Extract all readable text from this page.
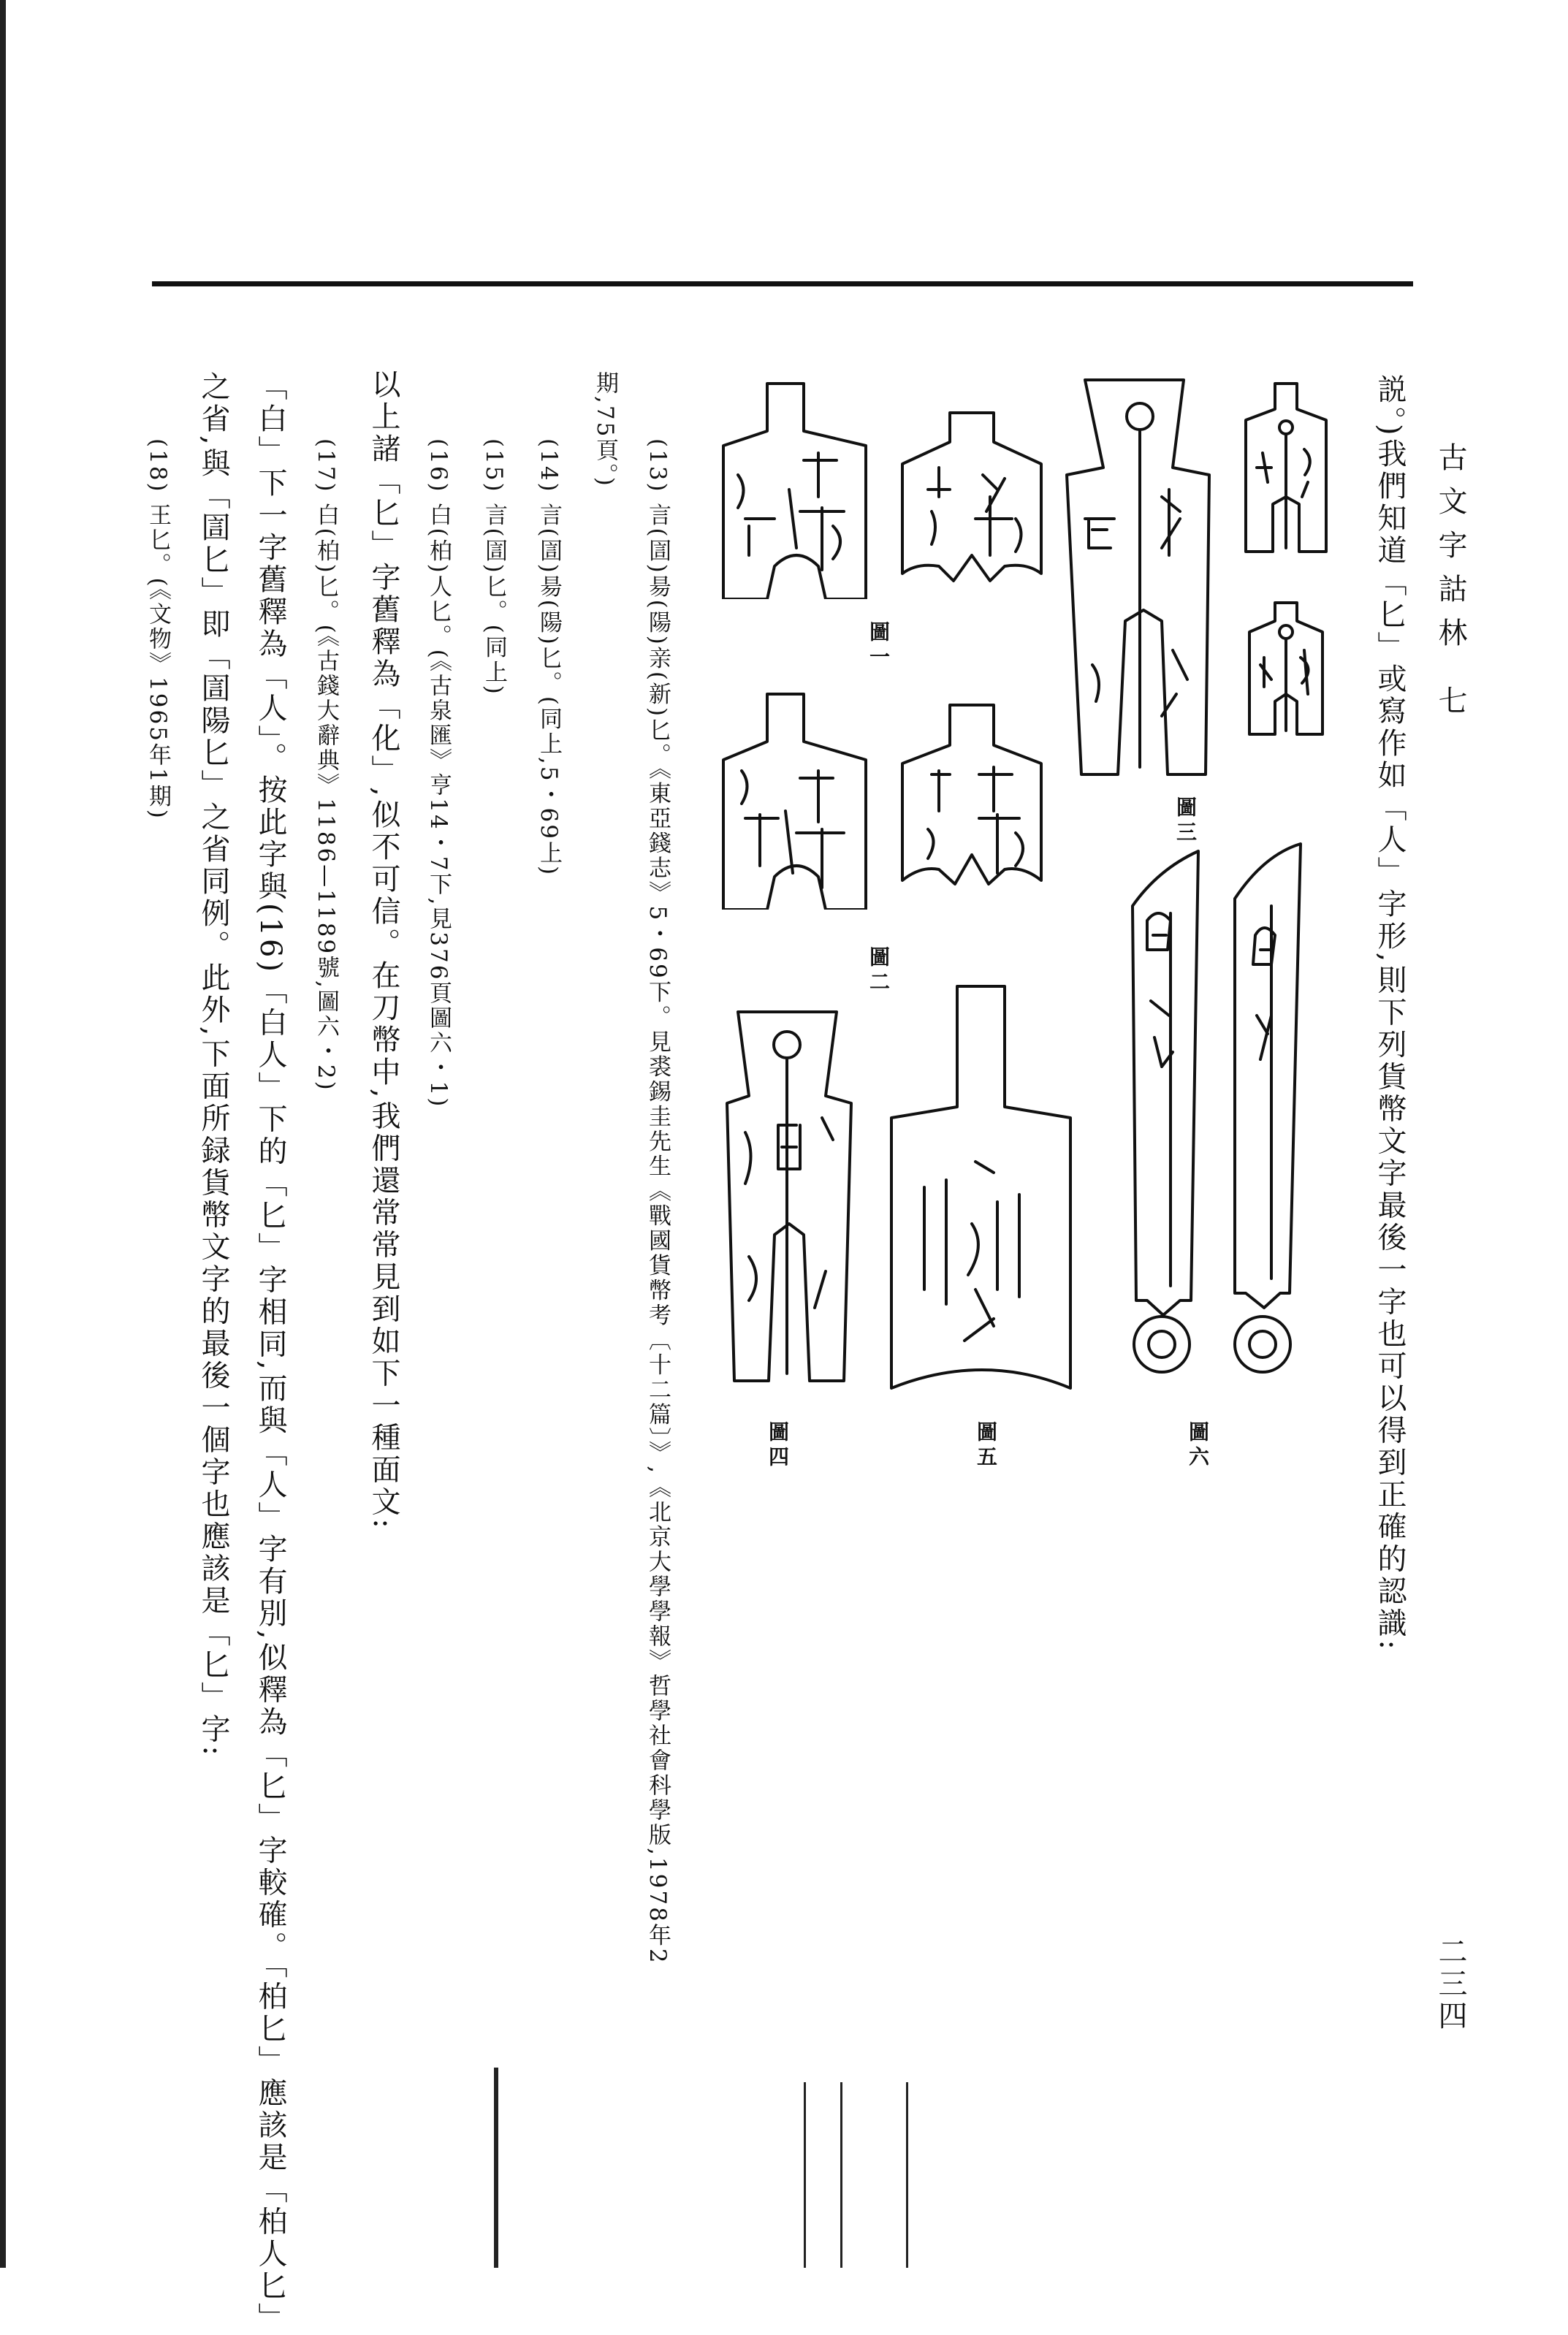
古文字詁林 七
二三四
説。)我們知道「匕」或寫作如「人」字形,則下列貨幣文字最後一字也可以得到正確的認識:
(13) 言(圁)昜(陽)亲(新)匕。《東亞錢志》5・69下。見裘錫圭先生《戰國貨幣考〔十二篇〕》,《北京大學學報》哲學社會科學版,1978年2
期,75頁。)
(14) 言(圁)昜(陽)匕。(同上,5・69上)
(15) 言(圁)匕。(同上)
(16) 白(柏)人匕。(《古泉匯》亨14・7下,見376頁圖六・1)
以上諸「匕」字舊釋為「化」,似不可信。在刀幣中,我們還常常見到如下一種面文:
(17) 白(柏)匕。(《古錢大辭典》1186—1189號,圖六・2)
「白」下一字舊釋為「人」。按此字與(16)「白人」下的「匕」字相同,而與「人」字有別,似釋為「匕」字較確。「柏匕」應該是「柏人匕」
之省,與「圁匕」即「圁陽匕」之省同例。此外,下面所録貨幣文字的最後一個字也應該是「匕」字:
(18) 王匕。(《文物》1965年1期)
圖三
圖一
圖二
圖四	圖五	圖六
